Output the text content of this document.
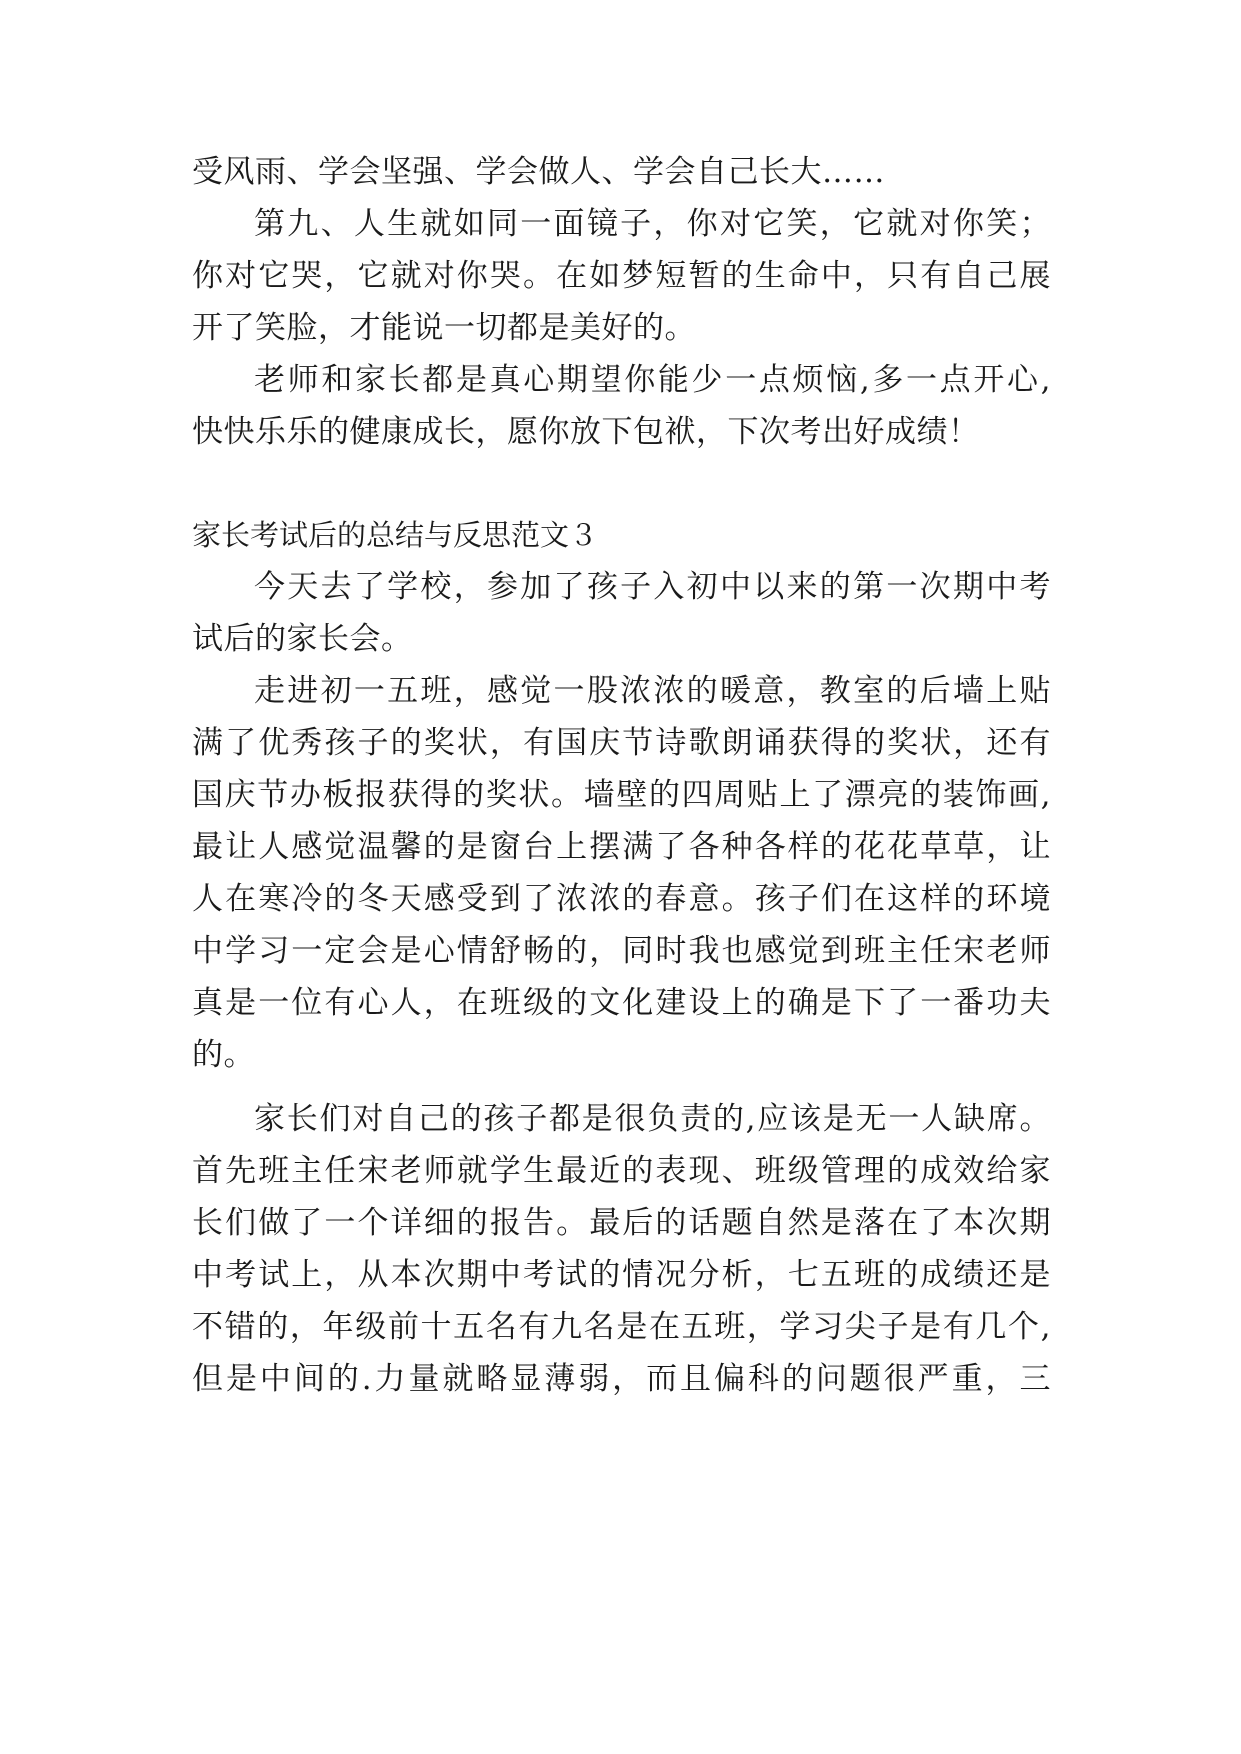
受风雨、学会坚强、学会做人、学会自己长大……

第九、人生就如同一面镜子，你对它笑，它就对你笑；

你对它哭，它就对你哭。在如梦短暂的生命中，只有自己展

开了笑脸，才能说一切都是美好的。

老师和家长都是真心期望你能少一点烦恼,多一点开心,

快快乐乐的健康成长，愿你放下包袱，下次考出好成绩！

家长考试后的总结与反思范文３

今天去了学校，参加了孩子入初中以来的第一次期中考

试后的家长会。

走进初一五班，感觉一股浓浓的暖意，教室的后墙上贴

满了优秀孩子的奖状，有国庆节诗歌朗诵获得的奖状，还有

国庆节办板报获得的奖状。墙壁的四周贴上了漂亮的装饰画,

最让人感觉温馨的是窗台上摆满了各种各样的花花草草，让

人在寒冷的冬天感受到了浓浓的春意。孩子们在这样的环境

中学习一定会是心情舒畅的，同时我也感觉到班主任宋老师

真是一位有心人，在班级的文化建设上的确是下了一番功夫

的。

家长们对自己的孩子都是很负责的,应该是无一人缺席。

首先班主任宋老师就学生最近的表现、班级管理的成效给家

长们做了一个详细的报告。最后的话题自然是落在了本次期

中考试上，从本次期中考试的情况分析，七五班的成绩还是

不错的，年级前十五名有九名是在五班，学习尖子是有几个,

但是中间的.力量就略显薄弱，而且偏科的问题很严重，三
